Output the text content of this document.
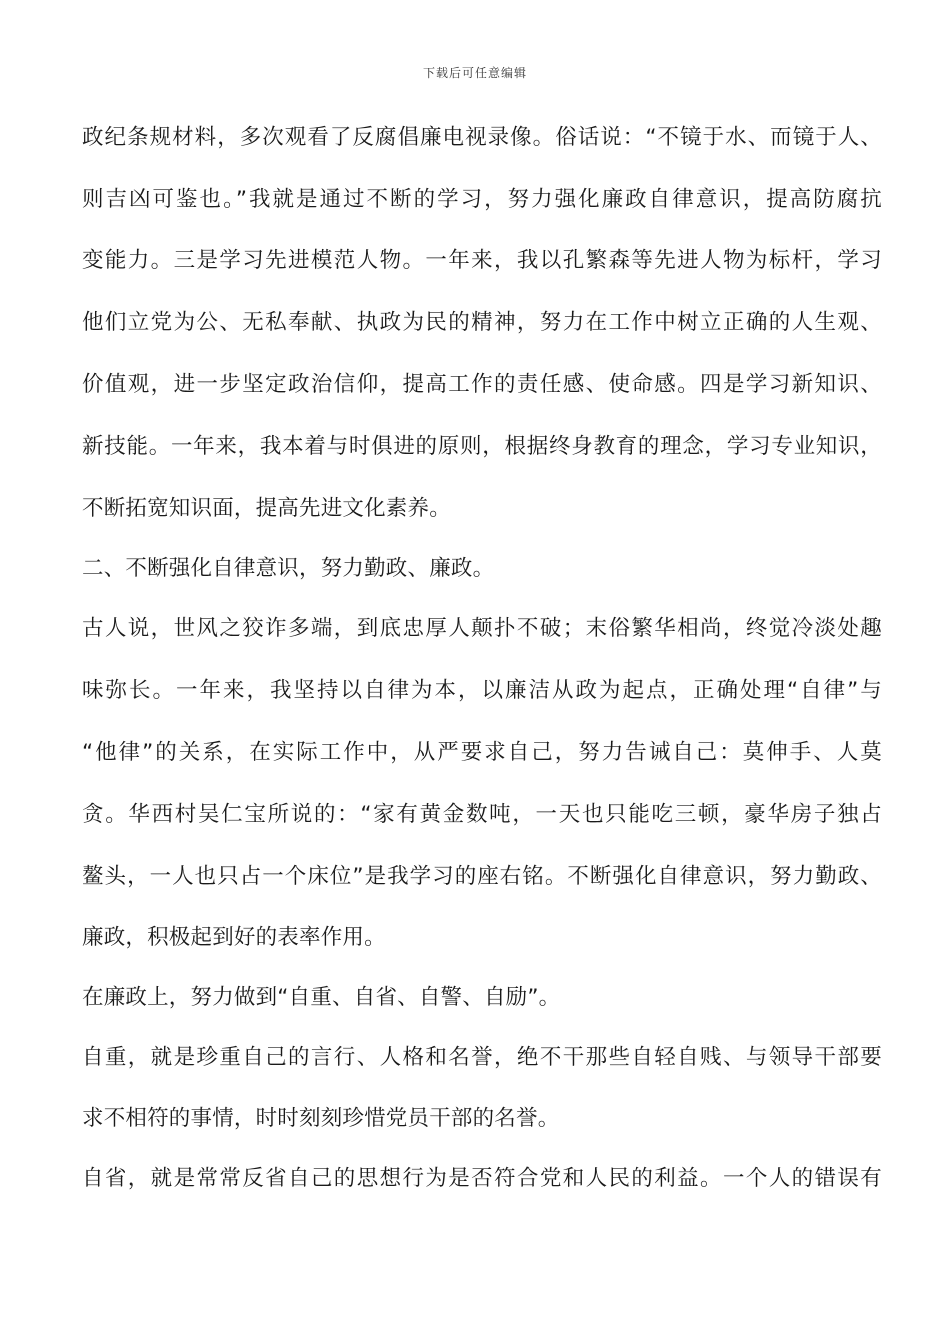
下载后可任意编辑
政纪条规材料，多次观看了反腐倡廉电视录像。俗话说：“不镜于水、而镜于人、
则吉凶可鉴也。”我就是通过不断的学习，努力强化廉政自律意识，提高防腐抗
变能力。三是学习先进模范人物。一年来，我以孔繁森等先进人物为标杆，学习
他们立党为公、无私奉献、执政为民的精神，努力在工作中树立正确的人生观、
价值观，进一步坚定政治信仰，提高工作的责任感、使命感。四是学习新知识、
新技能。一年来，我本着与时俱进的原则，根据终身教育的理念，学习专业知识，
不断拓宽知识面，提高先进文化素养。
二、不断强化自律意识，努力勤政、廉政。
古人说，世风之狡诈多端，到底忠厚人颠扑不破；末俗繁华相尚，终觉冷淡处趣
味弥长。一年来，我坚持以自律为本，以廉洁从政为起点，正确处理“自律”与
“他律”的关系，在实际工作中，从严要求自己，努力告诫自己：莫伸手、人莫
贪。华西村吴仁宝所说的：“家有黄金数吨，一天也只能吃三顿，豪华房子独占
鳌头，一人也只占一个床位”是我学习的座右铭。不断强化自律意识，努力勤政、
廉政，积极起到好的表率作用。
在廉政上，努力做到“自重、自省、自警、自励”。
自重，就是珍重自己的言行、人格和名誉，绝不干那些自轻自贱、与领导干部要
求不相符的事情，时时刻刻珍惜党员干部的名誉。
自省，就是常常反省自己的思想行为是否符合党和人民的利益。一个人的错误有
